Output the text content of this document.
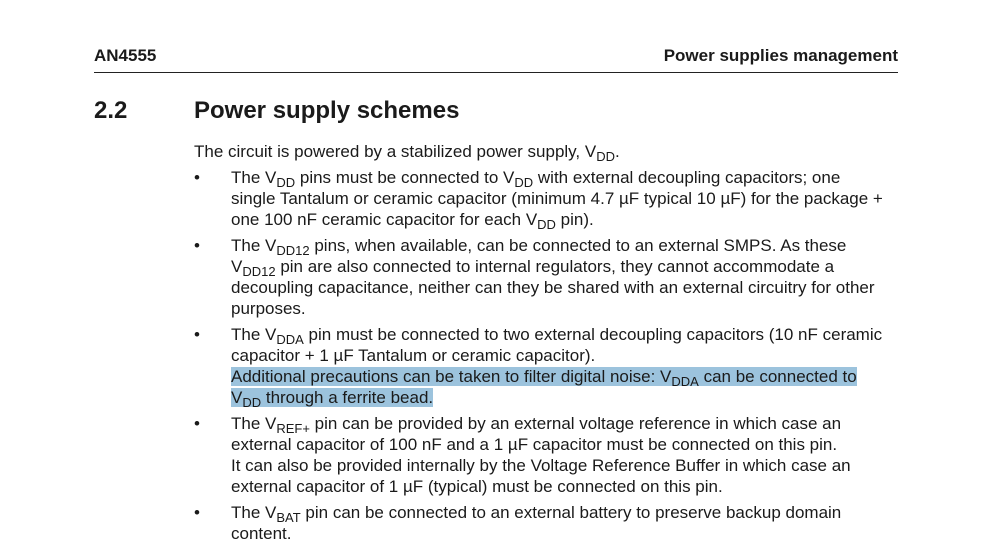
AN4555	Power supplies management
2.2	Power supply schemes
The circuit is powered by a stabilized power supply, $V_{DD}$.
• The $V_{DD}$ pins must be connected to $V_{DD}$ with external decoupling capacitors; one
single Tantalum or ceramic capacitor (minimum 4.7 µF typical 10 µF) for the package +
one 100 nF ceramic capacitor for each $V_{DD}$ pin).
• The $V_{DD12}$ pins, when available, can be connected to an external SMPS. As these
$V_{DD12}$ pin are also connected to internal regulators, they cannot accommodate a
decoupling capacitance, neither can they be shared with an external circuitry for other
purposes.
• The $V_{DDA}$ pin must be connected to two external decoupling capacitors (10 nF ceramic
capacitor + 1 µF Tantalum or ceramic capacitor).
Additional precautions can be taken to filter digital noise: $V_{DDA}$ can be connected to
$V_{DD}$ through a ferrite bead.
• The $V_{REF+}$ pin can be provided by an external voltage reference in which case an
external capacitor of 100 nF and a 1 µF capacitor must be connected on this pin.
It can also be provided internally by the Voltage Reference Buffer in which case an
external capacitor of 1 µF (typical) must be connected on this pin.
• The $V_{BAT}$ pin can be connected to an external battery to preserve backup domain
content.
